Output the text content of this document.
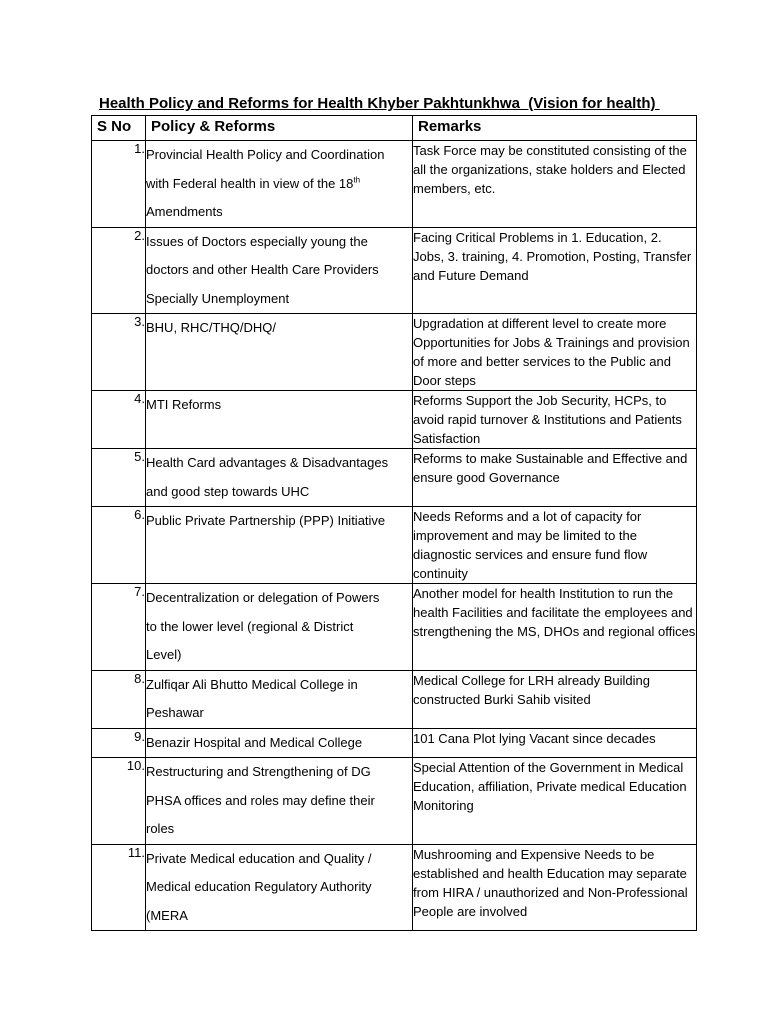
Health Policy and Reforms for Health Khyber Pakhtunkhwa  (Vision for health)
S No	Policy & Reforms	Remarks
1.	Provincial Health Policy and Coordination
with Federal health in view of the 18th
Amendments	Task Force may be constituted consisting of the all the organizations, stake holders and Elected members, etc.
2.	Issues of Doctors especially young the
doctors and other Health Care Providers
Specially Unemployment	Facing Critical Problems in 1. Education, 2. Jobs, 3. training, 4. Promotion, Posting, Transfer and Future Demand
3.	BHU, RHC/THQ/DHQ/	Upgradation at different level to create more Opportunities for Jobs & Trainings and provision of more and better services to the Public and Door steps
4.	MTI Reforms	Reforms Support the Job Security, HCPs, to avoid rapid turnover & Institutions and Patients Satisfaction
5.	Health Card advantages & Disadvantages
and good step towards UHC	Reforms to make Sustainable and Effective and ensure good Governance
6.	Public Private Partnership (PPP) Initiative	Needs Reforms and a lot of capacity for improvement and may be limited to the diagnostic services and ensure fund flow continuity
7.	Decentralization or delegation of Powers
to the lower level (regional & District
Level)	Another model for health Institution to run the health Facilities and facilitate the employees and strengthening the MS, DHOs and regional offices
8.	Zulfiqar Ali Bhutto Medical College in
Peshawar	Medical College for LRH already Building constructed Burki Sahib visited
9.	Benazir Hospital and Medical College	101 Cana Plot lying Vacant since decades
10.	Restructuring and Strengthening of DG
PHSA offices and roles may define their
roles	Special Attention of the Government in Medical Education, affiliation, Private medical Education Monitoring
11.	Private Medical education and Quality /
Medical education Regulatory Authority
(MERA	Mushrooming and Expensive Needs to be established and health Education may separate from HIRA / unauthorized and Non-Professional People are involved
